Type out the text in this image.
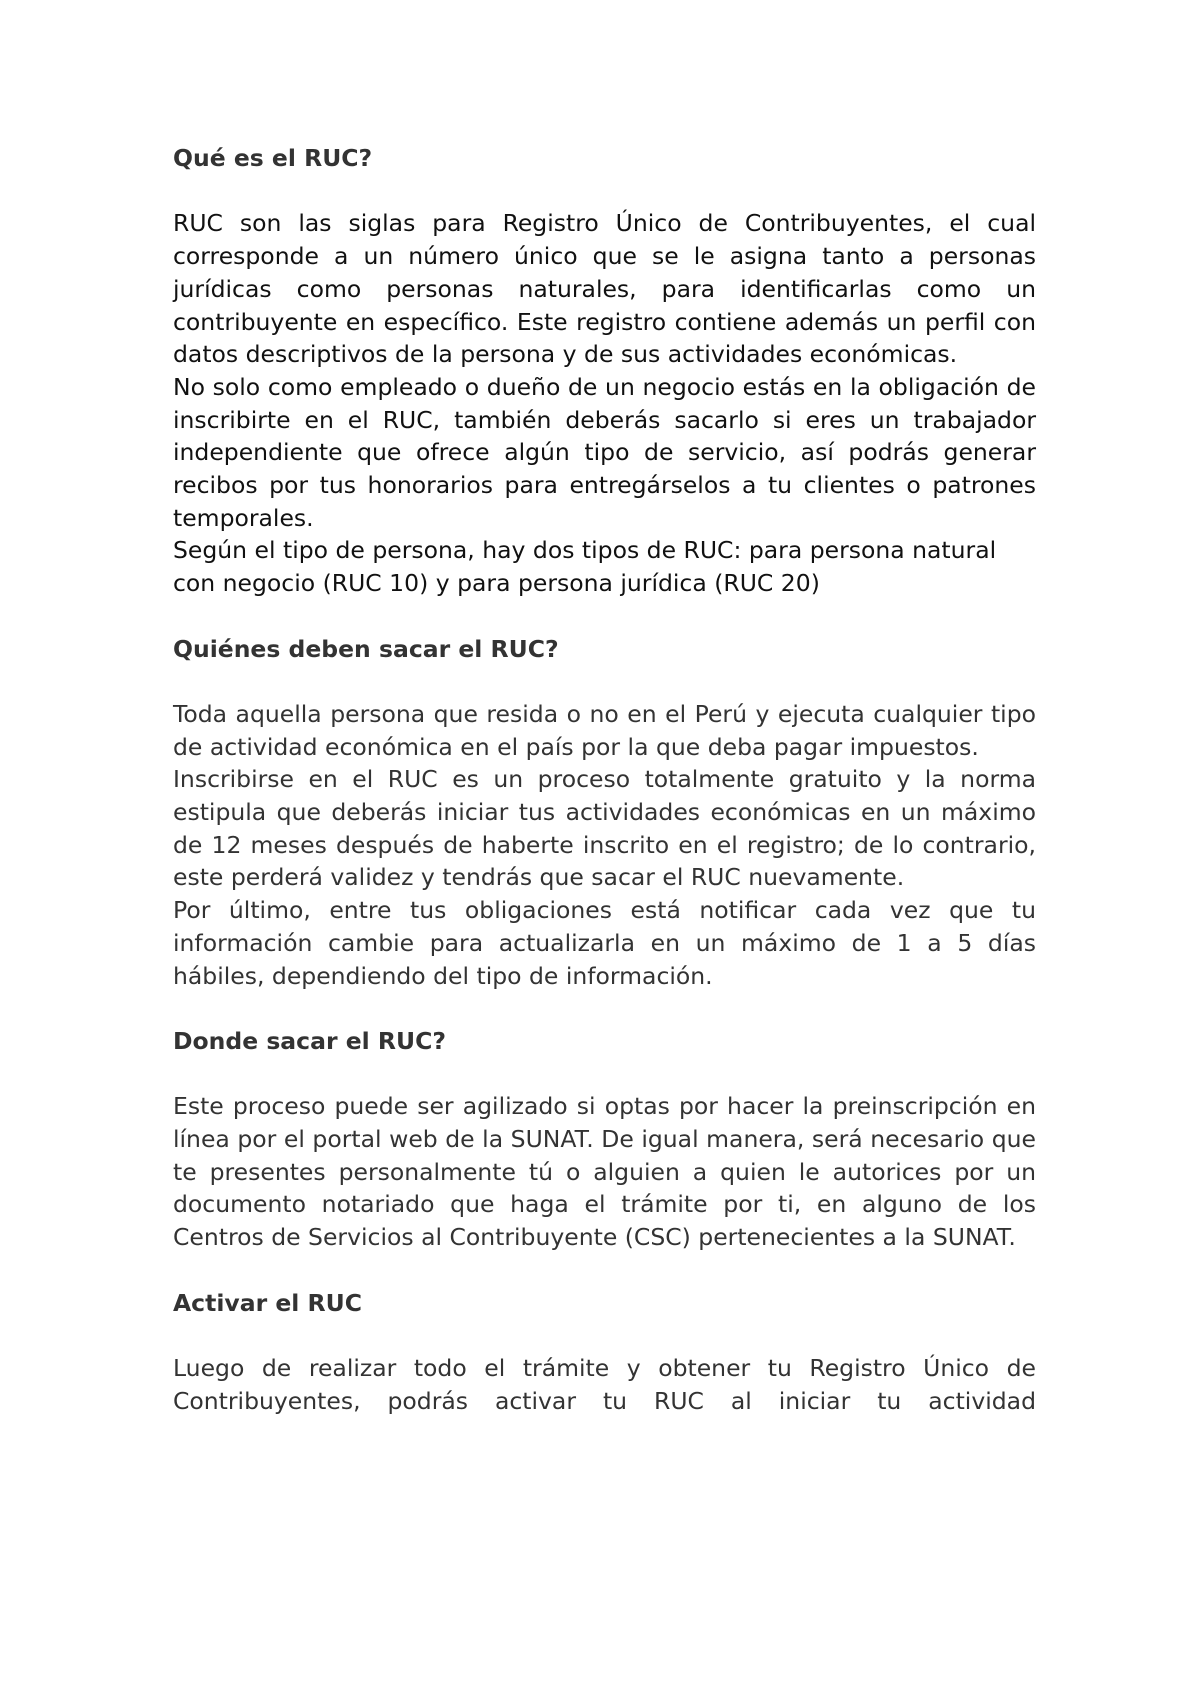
Qué es el RUC?

RUC son las siglas para Registro Único de Contribuyentes, el cual corresponde a un número único que se le asigna tanto a personas jurídicas como personas naturales, para identificarlas como un contribuyente en específico. Este registro contiene además un perfil con datos descriptivos de la persona y de sus actividades económicas.

No solo como empleado o dueño de un negocio estás en la obligación de inscribirte en el RUC, también deberás sacarlo si eres un trabajador independiente que ofrece algún tipo de servicio, así podrás generar recibos por tus honorarios para entregárselos a tu clientes o patrones temporales.

Según el tipo de persona, hay dos tipos de RUC: para persona natural con negocio (RUC 10) y para persona jurídica (RUC 20)

Quiénes deben sacar el RUC?

Toda aquella persona que resida o no en el Perú y ejecuta cualquier tipo de actividad económica en el país por la que deba pagar impuestos.

Inscribirse en el RUC es un proceso totalmente gratuito y la norma estipula que deberás iniciar tus actividades económicas en un máximo de 12 meses después de haberte inscrito en el registro; de lo contrario, este perderá validez y tendrás que sacar el RUC nuevamente.

Por último, entre tus obligaciones está notificar cada vez que tu información cambie para actualizarla en un máximo de 1 a 5 días hábiles, dependiendo del tipo de información.

Donde sacar el RUC?

Este proceso puede ser agilizado si optas por hacer la preinscripción en línea por el portal web de la SUNAT. De igual manera, será necesario que te presentes personalmente tú o alguien a quien le autorices por un documento notariado que haga el trámite por ti, en alguno de los Centros de Servicios al Contribuyente (CSC) pertenecientes a la SUNAT.

Activar el RUC

Luego de realizar todo el trámite y obtener tu Registro Único de Contribuyentes, podrás activar tu RUC al iniciar tu actividad
